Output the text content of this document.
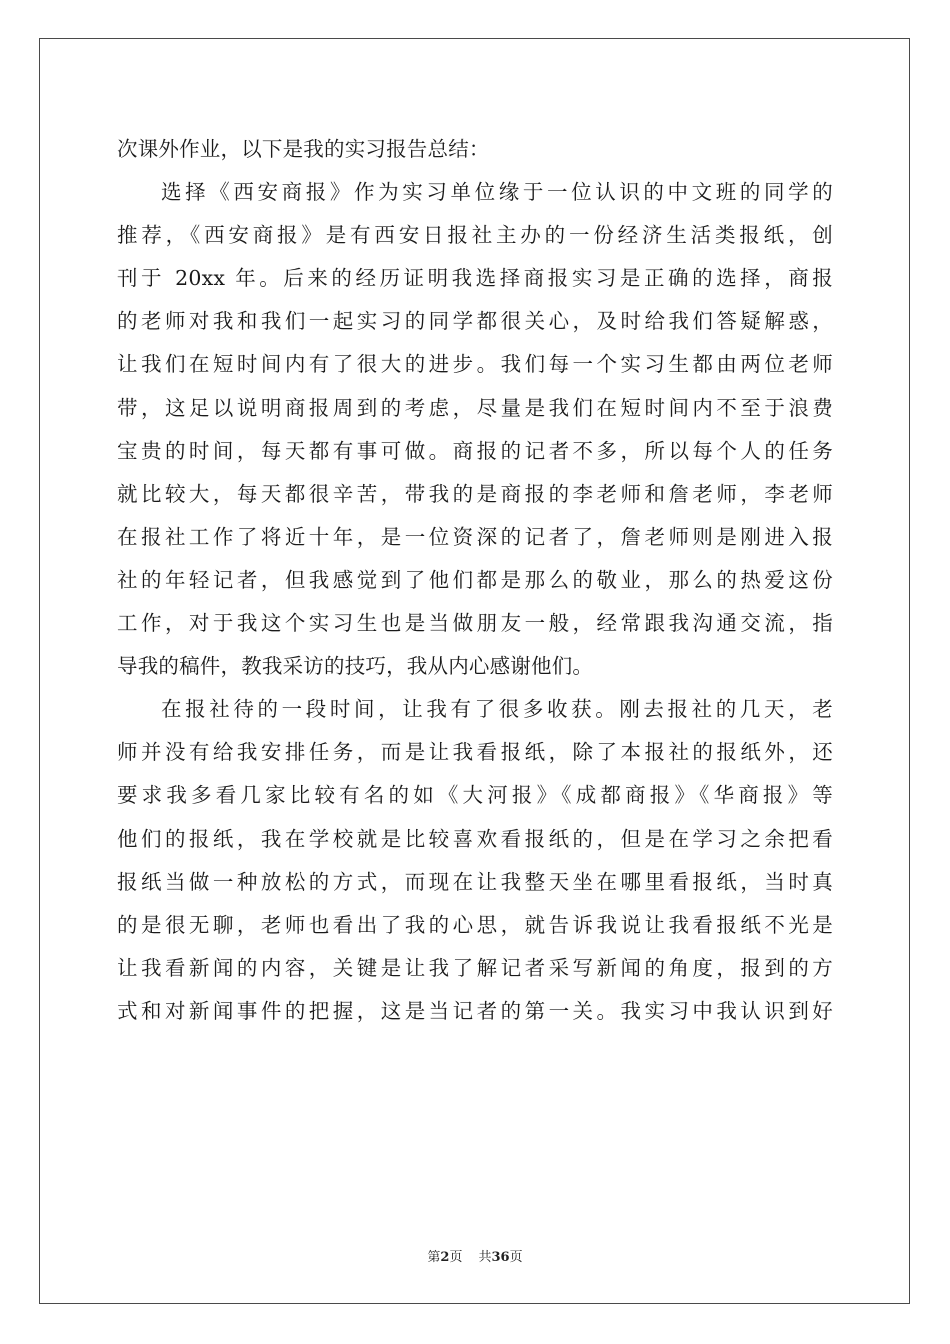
次课外作业，以下是我的实习报告总结：
选择《西安商报》作为实习单位缘于一位认识的中文班的同学的
推荐，《西安商报》是有西安日报社主办的一份经济生活类报纸，创
刊于 20xx 年。后来的经历证明我选择商报实习是正确的选择，商报
的老师对我和我们一起实习的同学都很关心，及时给我们答疑解惑，
让我们在短时间内有了很大的进步。我们每一个实习生都由两位老师
带，这足以说明商报周到的考虑，尽量是我们在短时间内不至于浪费
宝贵的时间，每天都有事可做。商报的记者不多，所以每个人的任务
就比较大，每天都很辛苦，带我的是商报的李老师和詹老师，李老师
在报社工作了将近十年，是一位资深的记者了，詹老师则是刚进入报
社的年轻记者，但我感觉到了他们都是那么的敬业，那么的热爱这份
工作，对于我这个实习生也是当做朋友一般，经常跟我沟通交流，指
导我的稿件，教我采访的技巧，我从内心感谢他们。
在报社待的一段时间，让我有了很多收获。刚去报社的几天，老
师并没有给我安排任务，而是让我看报纸，除了本报社的报纸外，还
要求我多看几家比较有名的如《大河报》《成都商报》《华商报》等
他们的报纸，我在学校就是比较喜欢看报纸的，但是在学习之余把看
报纸当做一种放松的方式，而现在让我整天坐在哪里看报纸，当时真
的是很无聊，老师也看出了我的心思，就告诉我说让我看报纸不光是
让我看新闻的内容，关键是让我了解记者采写新闻的角度，报到的方
式和对新闻事件的把握，这是当记者的第一关。我实习中我认识到好
第2页 共36页
